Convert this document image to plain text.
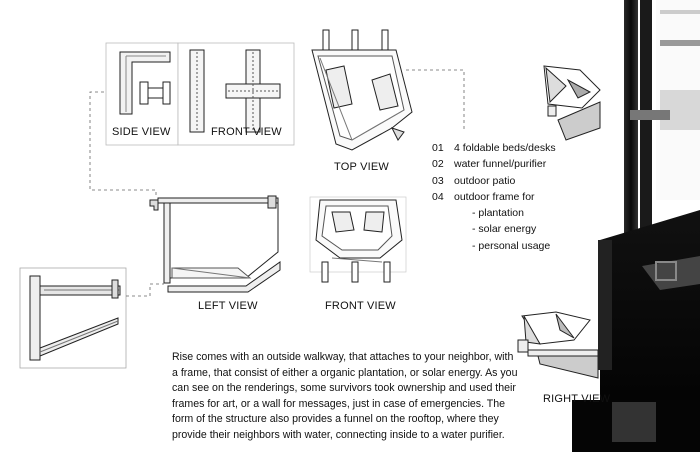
SIDE VIEW	FRONT VIEW
TOP VIEW
LEFT VIEW	FRONT VIEW
RIGHT VIEW
01 4 foldable beds/desks
02 water funnel/purifier
03 outdoor patio
04 outdoor frame for
- plantation
- solar energy
- personal usage
Rise comes with an outside walkway, that attaches to your neighbor, with a frame, that consist of either a organic plantation, or solar energy. As you can see on the renderings, some survivors took ownership and used their frames for art, or a wall for messages, just in case of emergencies. The form of the structure also provides a funnel on the rooftop, where they provide their neighbors with water, connecting inside to a water purifier.
